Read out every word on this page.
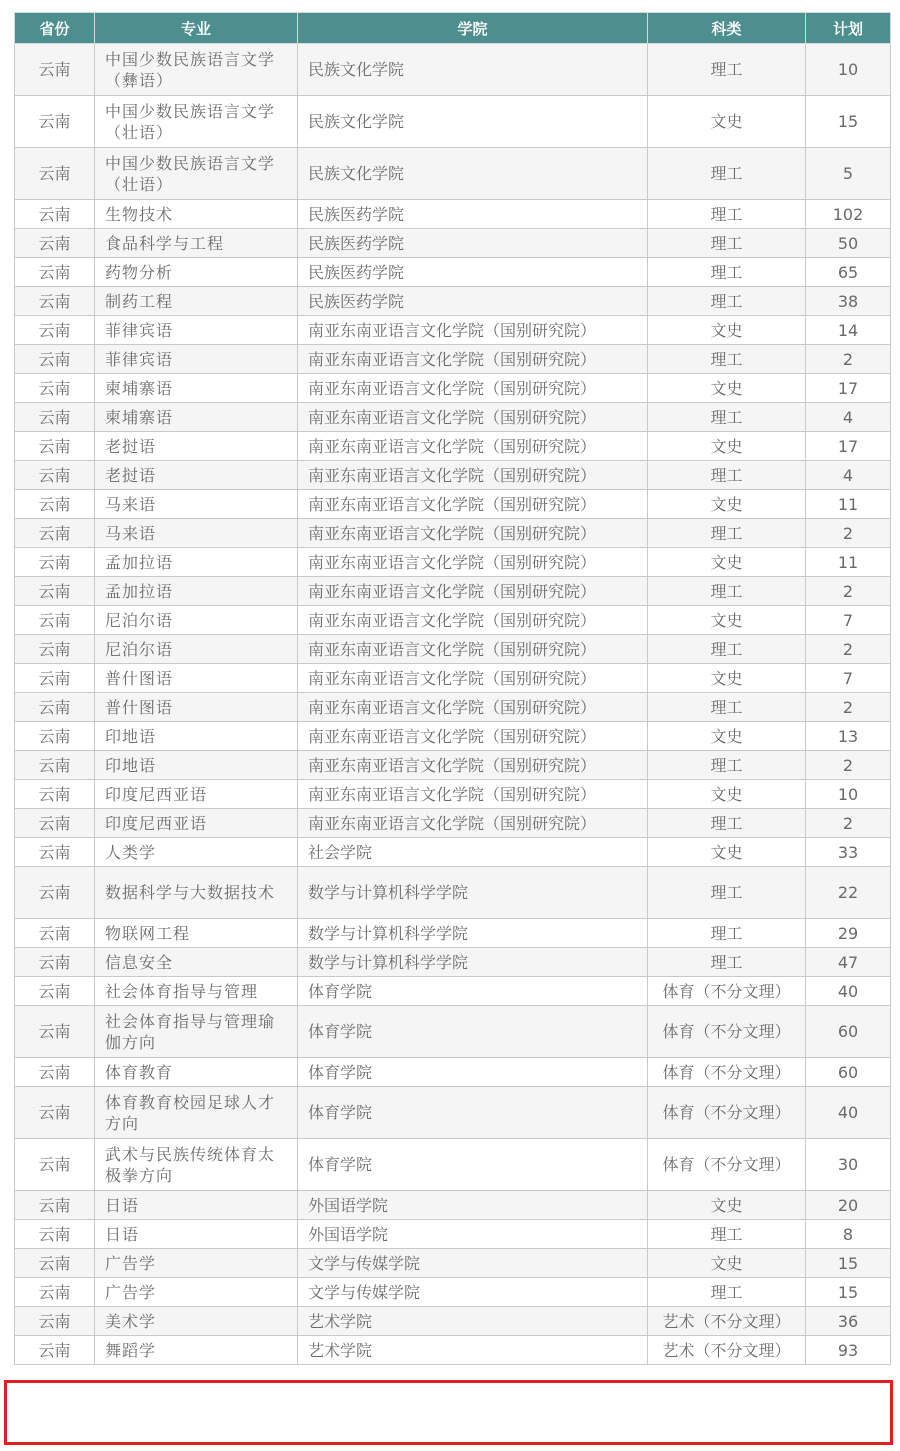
省份	专业	学院	科类	计划
云南	中国少数民族语言文学（彝语）	民族文化学院	理工	10
云南	中国少数民族语言文学（壮语）	民族文化学院	文史	15
云南	中国少数民族语言文学（壮语）	民族文化学院	理工	5
云南	生物技术	民族医药学院	理工	102
云南	食品科学与工程	民族医药学院	理工	50
云南	药物分析	民族医药学院	理工	65
云南	制药工程	民族医药学院	理工	38
云南	菲律宾语	南亚东南亚语言文化学院（国别研究院）	文史	14
云南	菲律宾语	南亚东南亚语言文化学院（国别研究院）	理工	2
云南	柬埔寨语	南亚东南亚语言文化学院（国别研究院）	文史	17
云南	柬埔寨语	南亚东南亚语言文化学院（国别研究院）	理工	4
云南	老挝语	南亚东南亚语言文化学院（国别研究院）	文史	17
云南	老挝语	南亚东南亚语言文化学院（国别研究院）	理工	4
云南	马来语	南亚东南亚语言文化学院（国别研究院）	文史	11
云南	马来语	南亚东南亚语言文化学院（国别研究院）	理工	2
云南	孟加拉语	南亚东南亚语言文化学院（国别研究院）	文史	11
云南	孟加拉语	南亚东南亚语言文化学院（国别研究院）	理工	2
云南	尼泊尔语	南亚东南亚语言文化学院（国别研究院）	文史	7
云南	尼泊尔语	南亚东南亚语言文化学院（国别研究院）	理工	2
云南	普什图语	南亚东南亚语言文化学院（国别研究院）	文史	7
云南	普什图语	南亚东南亚语言文化学院（国别研究院）	理工	2
云南	印地语	南亚东南亚语言文化学院（国别研究院）	文史	13
云南	印地语	南亚东南亚语言文化学院（国别研究院）	理工	2
云南	印度尼西亚语	南亚东南亚语言文化学院（国别研究院）	文史	10
云南	印度尼西亚语	南亚东南亚语言文化学院（国别研究院）	理工	2
云南	人类学	社会学院	文史	33
云南	数据科学与大数据技术	数学与计算机科学学院	理工	22
云南	物联网工程	数学与计算机科学学院	理工	29
云南	信息安全	数学与计算机科学学院	理工	47
云南	社会体育指导与管理	体育学院	体育（不分文理）	40
云南	社会体育指导与管理瑜伽方向	体育学院	体育（不分文理）	60
云南	体育教育	体育学院	体育（不分文理）	60
云南	体育教育校园足球人才方向	体育学院	体育（不分文理）	40
云南	武术与民族传统体育太极拳方向	体育学院	体育（不分文理）	30
云南	日语	外国语学院	文史	20
云南	日语	外国语学院	理工	8
云南	广告学	文学与传媒学院	文史	15
云南	广告学	文学与传媒学院	理工	15
云南	美术学	艺术学院	艺术（不分文理）	36
云南	舞蹈学	艺术学院	艺术（不分文理）	93
